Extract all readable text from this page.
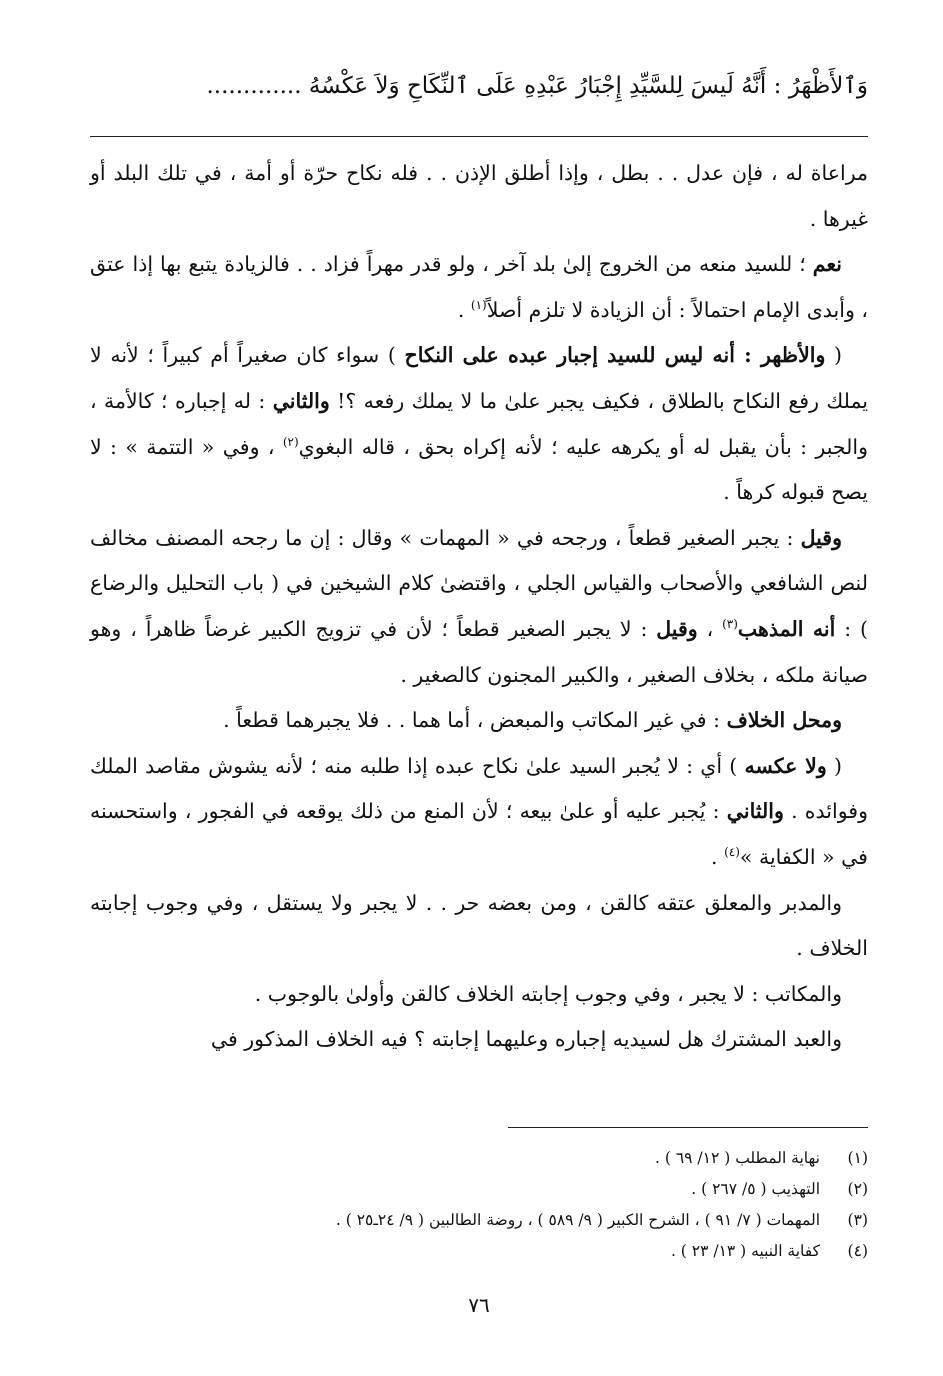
وَٱلأَظْهَرُ : أَنَّهُ لَيسَ لِلسَّيِّدِ إِجْبَارُ عَبْدِهِ عَلَى ٱلنِّكَاحِ وَلاَ عَكْسُهُ .............

مراعاة له ، فإن عدل . . بطل ، وإذا أطلق الإذن . . فله نكاح حرّة أو أمة ، في تلك البلد أو غيرها .

نعم ؛ للسيد منعه من الخروج إلىٰ بلد آخر ، ولو قدر مهراً فزاد . . فالزيادة يتبع بها إذا عتق ، وأبدى الإمام احتمالاً : أن الزيادة لا تلزم أصلاً$^{(١)}$ .

( والأظهر : أنه ليس للسيد إجبار عبده على النكاح ) سواء كان صغيراً أم كبيراً ؛ لأنه لا يملك رفع النكاح بالطلاق ، فكيف يجبر علىٰ ما لا يملك رفعه ؟! والثاني : له إجباره ؛ كالأمة ، والجبر : بأن يقبل له أو يكرهه عليه ؛ لأنه إكراه بحق ، قاله البغوي$^{(٢)}$ ، وفي « التتمة » : لا يصح قبوله كرهاً .

وقيل : يجبر الصغير قطعاً ، ورجحه في « المهمات » وقال : إن ما رجحه المصنف مخالف لنص الشافعي والأصحاب والقياس الجلي ، واقتضىٰ كلام الشيخين في ( باب التحليل والرضاع ) : أنه المذهب$^{(٣)}$ ، وقيل : لا يجبر الصغير قطعاً ؛ لأن في تزويج الكبير غرضاً ظاهراً ، وهو صيانة ملكه ، بخلاف الصغير ، والكبير المجنون كالصغير .

ومحل الخلاف : في غير المكاتب والمبعض ، أما هما . . فلا يجبرهما قطعاً .

( ولا عكسه ) أي : لا يُجبر السيد علىٰ نكاح عبده إذا طلبه منه ؛ لأنه يشوش مقاصد الملك وفوائده . والثاني : يُجبر عليه أو علىٰ بيعه ؛ لأن المنع من ذلك يوقعه في الفجور ، واستحسنه في « الكفاية »$^{(٤)}$ .

والمدبر والمعلق عتقه كالقن ، ومن بعضه حر . . لا يجبر ولا يستقل ، وفي وجوب إجابته الخلاف .

والمكاتب : لا يجبر ، وفي وجوب إجابته الخلاف كالقن وأولىٰ بالوجوب .

والعبد المشترك هل لسيديه إجباره وعليهما إجابته ؟ فيه الخلاف المذكور في

(١)
نهاية المطلب ( ١٢/ ٦٩ ) .
(٢)
التهذيب ( ٥/ ٢٦٧ ) .
(٣)
المهمات ( ٧/ ٩١ ) ، الشرح الكبير ( ٩/ ٥٨٩ ) ، روضة الطالبين ( ٩/ ٢٤ـ٢٥ ) .
(٤)
كفاية النبيه ( ١٣/ ٢٣ ) .
٧٦
